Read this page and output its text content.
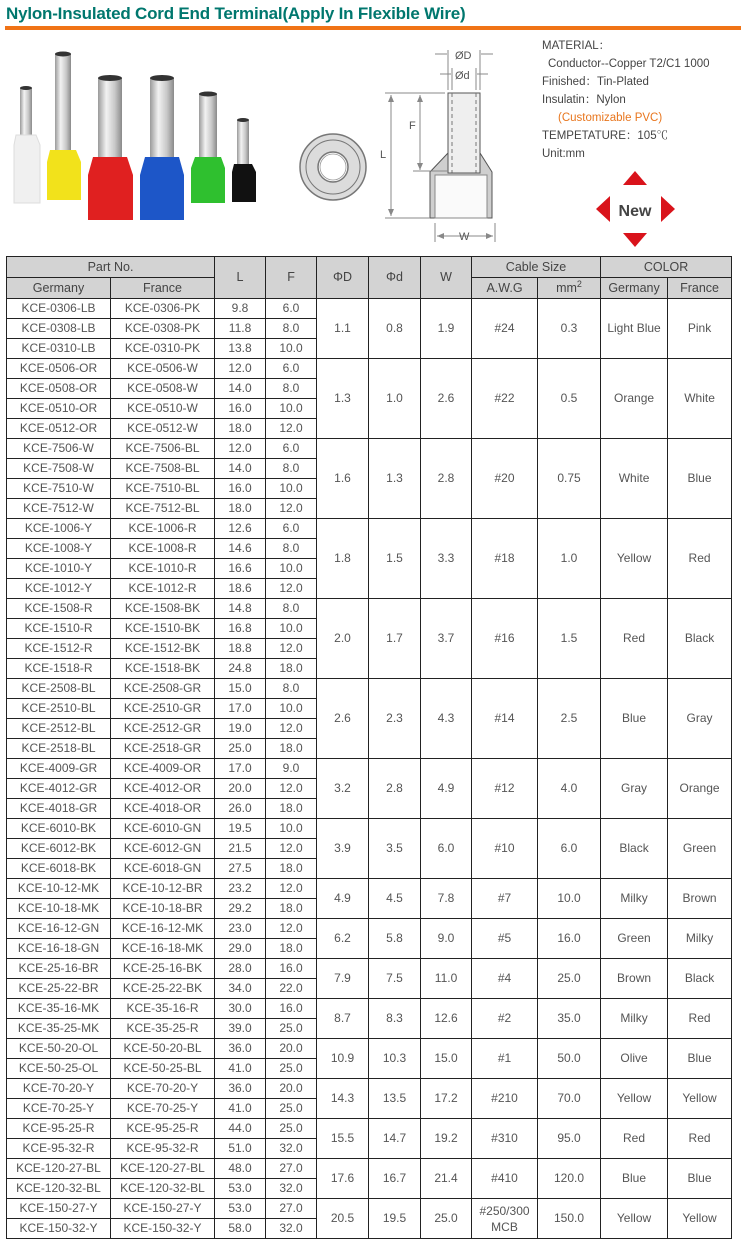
Nylon-Insulated Cord End Terminal(Apply In Flexible Wire)
ØD
Ød
F
L
W
MATERIAL：
Conductor--Copper T2/C1 1000
Finished：Tin-Plated
Insulatin：Nylon
(Customizable PVC)
TEMPETATURE：105℃
Unit:mm
New
Part No.		L	F	ΦD	Φd	W	Cable Size		COLOR	
Germany	France						A.W.G	$mm^2$	Germany	France
KCE-0306-LB	KCE-0306-PK	9.8	6.0	1.1	0.8	1.9	#24	0.3	Light Blue	Pink
KCE-0308-LB	KCE-0308-PK	11.8	8.0							
KCE-0310-LB	KCE-0310-PK	13.8	10.0							
KCE-0506-OR	KCE-0506-W	12.0	6.0	1.3	1.0	2.6	#22	0.5	Orange	White
KCE-0508-OR	KCE-0508-W	14.0	8.0							
KCE-0510-OR	KCE-0510-W	16.0	10.0							
KCE-0512-OR	KCE-0512-W	18.0	12.0							
KCE-7506-W	KCE-7506-BL	12.0	6.0	1.6	1.3	2.8	#20	0.75	White	Blue
KCE-7508-W	KCE-7508-BL	14.0	8.0							
KCE-7510-W	KCE-7510-BL	16.0	10.0							
KCE-7512-W	KCE-7512-BL	18.0	12.0							
KCE-1006-Y	KCE-1006-R	12.6	6.0	1.8	1.5	3.3	#18	1.0	Yellow	Red
KCE-1008-Y	KCE-1008-R	14.6	8.0							
KCE-1010-Y	KCE-1010-R	16.6	10.0							
KCE-1012-Y	KCE-1012-R	18.6	12.0							
KCE-1508-R	KCE-1508-BK	14.8	8.0	2.0	1.7	3.7	#16	1.5	Red	Black
KCE-1510-R	KCE-1510-BK	16.8	10.0							
KCE-1512-R	KCE-1512-BK	18.8	12.0							
KCE-1518-R	KCE-1518-BK	24.8	18.0							
KCE-2508-BL	KCE-2508-GR	15.0	8.0	2.6	2.3	4.3	#14	2.5	Blue	Gray
KCE-2510-BL	KCE-2510-GR	17.0	10.0							
KCE-2512-BL	KCE-2512-GR	19.0	12.0							
KCE-2518-BL	KCE-2518-GR	25.0	18.0							
KCE-4009-GR	KCE-4009-OR	17.0	9.0	3.2	2.8	4.9	#12	4.0	Gray	Orange
KCE-4012-GR	KCE-4012-OR	20.0	12.0							
KCE-4018-GR	KCE-4018-OR	26.0	18.0							
KCE-6010-BK	KCE-6010-GN	19.5	10.0	3.9	3.5	6.0	#10	6.0	Black	Green
KCE-6012-BK	KCE-6012-GN	21.5	12.0							
KCE-6018-BK	KCE-6018-GN	27.5	18.0							
KCE-10-12-MK	KCE-10-12-BR	23.2	12.0	4.9	4.5	7.8	#7	10.0	Milky	Brown
KCE-10-18-MK	KCE-10-18-BR	29.2	18.0							
KCE-16-12-GN	KCE-16-12-MK	23.0	12.0	6.2	5.8	9.0	#5	16.0	Green	Milky
KCE-16-18-GN	KCE-16-18-MK	29.0	18.0							
KCE-25-16-BR	KCE-25-16-BK	28.0	16.0	7.9	7.5	11.0	#4	25.0	Brown	Black
KCE-25-22-BR	KCE-25-22-BK	34.0	22.0							
KCE-35-16-MK	KCE-35-16-R	30.0	16.0	8.7	8.3	12.6	#2	35.0	Milky	Red
KCE-35-25-MK	KCE-35-25-R	39.0	25.0							
KCE-50-20-OL	KCE-50-20-BL	36.0	20.0	10.9	10.3	15.0	#1	50.0	Olive	Blue
KCE-50-25-OL	KCE-50-25-BL	41.0	25.0							
KCE-70-20-Y	KCE-70-20-Y	36.0	20.0	14.3	13.5	17.2	#210	70.0	Yellow	Yellow
KCE-70-25-Y	KCE-70-25-Y	41.0	25.0							
KCE-95-25-R	KCE-95-25-R	44.0	25.0	15.5	14.7	19.2	#310	95.0	Red	Red
KCE-95-32-R	KCE-95-32-R	51.0	32.0							
KCE-120-27-BL	KCE-120-27-BL	48.0	27.0	17.6	16.7	21.4	#410	120.0	Blue	Blue
KCE-120-32-BL	KCE-120-32-BL	53.0	32.0							
KCE-150-27-Y	KCE-150-27-Y	53.0	27.0	20.5	19.5	25.0	#250/300 MCB	150.0	Yellow	Yellow
KCE-150-32-Y	KCE-150-32-Y	58.0	32.0							
